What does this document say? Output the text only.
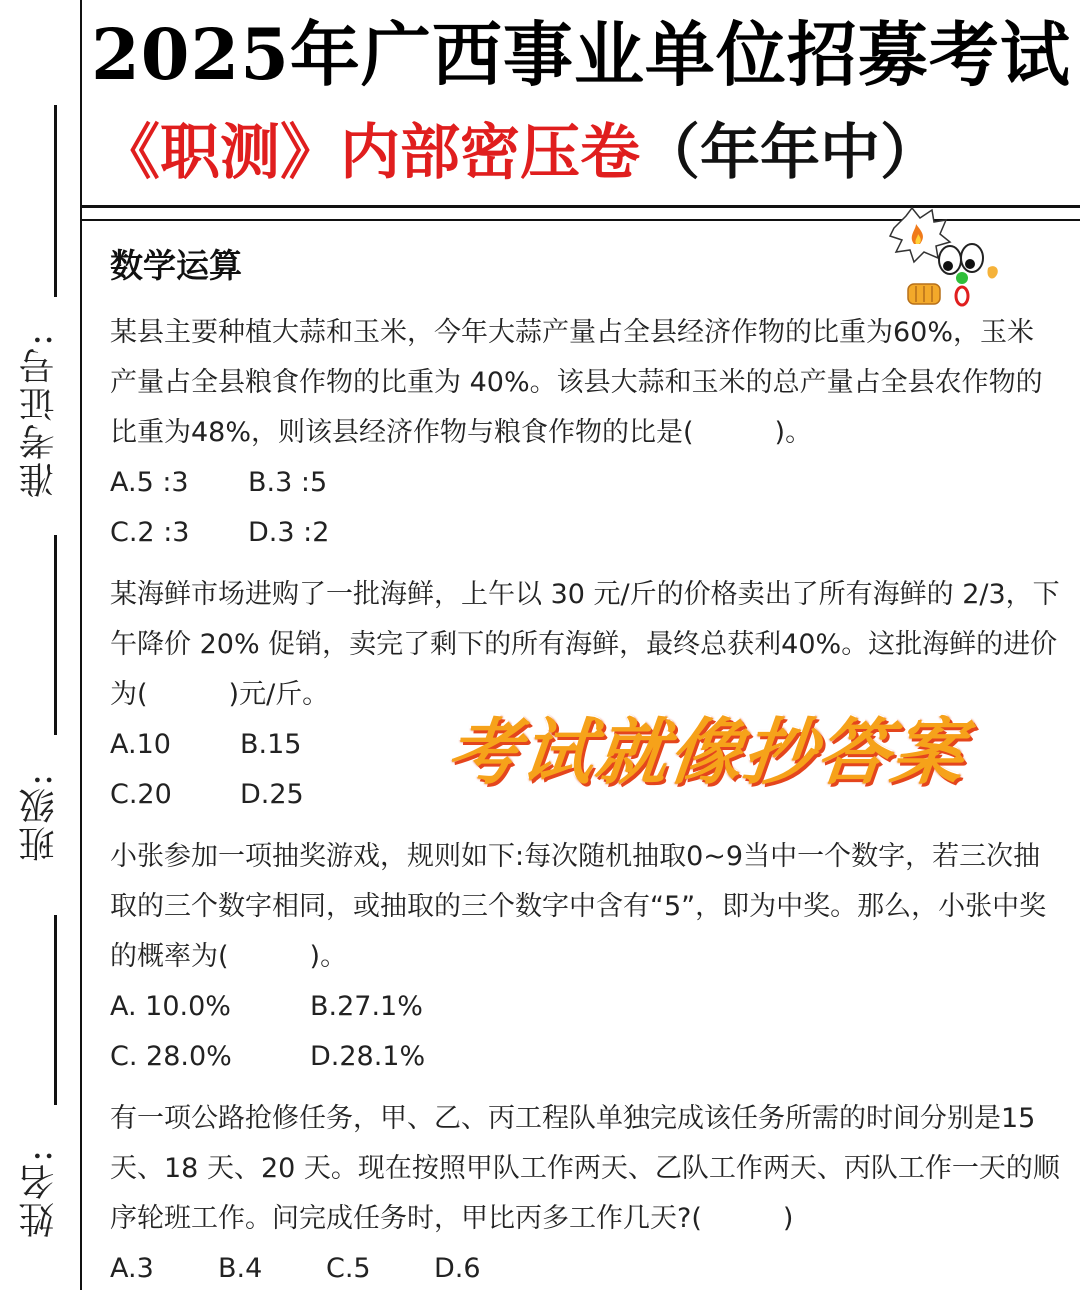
准考证号:
班级:
姓名:
2025年广西事业单位招募考试
《职测》内部密压卷（年年中）
数学运算

某县主要种植大蒜和玉米，今年大蒜产量占全县经济作物的比重为60%，玉米产量占全县粮食作物的比重为 40%。该县大蒜和玉米的总产量占全县农作物的比重为48%，则该县经济作物与粮食作物的比是(　　　)。

A.5 :3	B.3 :5
C.2 :3	D.3 :2

某海鲜市场进购了一批海鲜，上午以 30 元/斤的价格卖出了所有海鲜的 2/3，下午降价 20% 促销，卖完了剩下的所有海鲜，最终总获利40%。这批海鲜的进价为(　　　)元/斤。

A.10	B.15
C.20	D.25

小张参加一项抽奖游戏，规则如下:每次随机抽取0~9当中一个数字，若三次抽取的三个数字相同，或抽取的三个数字中含有“5”，即为中奖。那么，小张中奖的概率为(　　　)。

A. 10.0%	B.27.1%
C. 28.0%	D.28.1%

有一项公路抢修任务，甲、乙、丙工程队单独完成该任务所需的时间分别是15天、18 天、20 天。现在按照甲队工作两天、乙队工作两天、丙队工作一天的顺序轮班工作。问完成任务时，甲比丙多工作几天?(　　　)

A.3	B.4	C.5	D.6
考试就像抄答案
